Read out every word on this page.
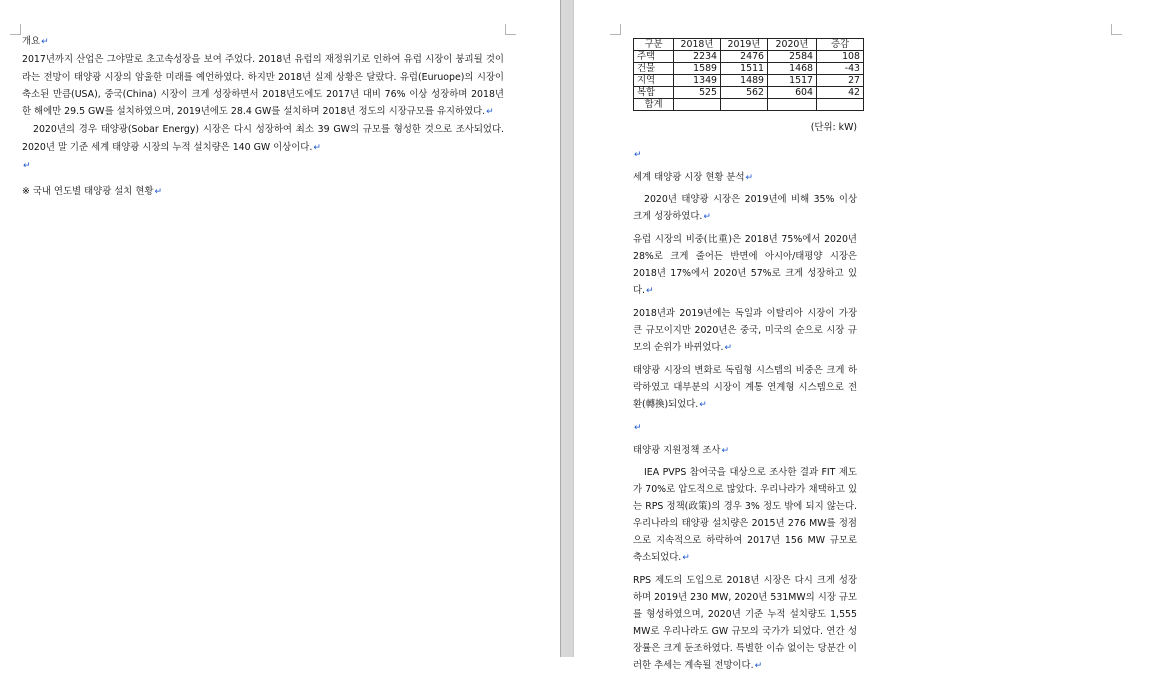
개요↵

2017년까지 산업은 그야말로 초고속성장을 보여 주었다. 2018년 유럽의 재정위기로 인하여 유럽 시장이 붕괴될 것이라는 전망이 태양광 시장의 암울한 미래를 예언하였다. 하지만 2018년 실제 상황은 달랐다. 유럽(Euruope)의 시장이 축소된 만큼(USA), 중국(China) 시장이 크게 성장하면서 2018년도에도 2017년 대비 76% 이상 성장하며 2018년 한 해에만 29.5 GW를 설치하였으며, 2019년에도 28.4 GW를 설치하며 2018년 정도의 시장규모를 유지하였다.↵

2020년의 경우 태양광(Sobar Energy) 시장은 다시 성장하여 최소 39 GW의 규모를 형성한 것으로 조사되었다. 2020년 말 기준 세계 태양광 시장의 누적 설치량은 140 GW 이상이다.↵

↵

※ 국내 연도별 태양광 설치 현황↵

구분	2018년	2019년	2020년	증감
주택	2234	2476	2584	108
건물	1589	1511	1468	-43
지역	1349	1489	1517	27
복합	525	562	604	42
합계				
(단위: kW)

↵

세계 태양광 시장 현황 분석↵

2020년 태양광 시장은 2019년에 비해 35% 이상 크게 성장하였다.↵

유럽 시장의 비중(比重)은 2018년 75%에서 2020년 28%로 크게 줄어든 반면에 아시아/태평양 시장은 2018년 17%에서 2020년 57%로 크게 성장하고 있다.↵

2018년과 2019년에는 독일과 이탈리아 시장이 가장 큰 규모이지만 2020년은 중국, 미국의 순으로 시장 규모의 순위가 바뀌었다.↵

태양광 시장의 변화로 독립형 시스템의 비중은 크게 하락하였고 대부분의 시장이 계통 연계형 시스템으로 전환(轉換)되었다.↵

↵

태양광 지원정책 조사↵

IEA PVPS 참여국을 대상으로 조사한 결과 FIT 제도가 70%로 압도적으로 많았다. 우리나라가 채택하고 있는 RPS 정책(政策)의 경우 3% 정도 밖에 되지 않는다. 우리나라의 태양광 설치량은 2015년 276 MW를 정점으로 지속적으로 하락하여 2017년 156 MW 규모로 축소되었다.↵

RPS 제도의 도입으로 2018년 시장은 다시 크게 성장하며 2019년 230 MW, 2020년 531MW의 시장 규모를 형성하였으며, 2020년 기준 누적 설치량도 1,555 MW로 우리나라도 GW 규모의 국가가 되었다. 연간 성장률은 크게 둔조하였다. 특별한 이슈 없이는 당분간 이러한 추세는 계속될 전망이다.↵
